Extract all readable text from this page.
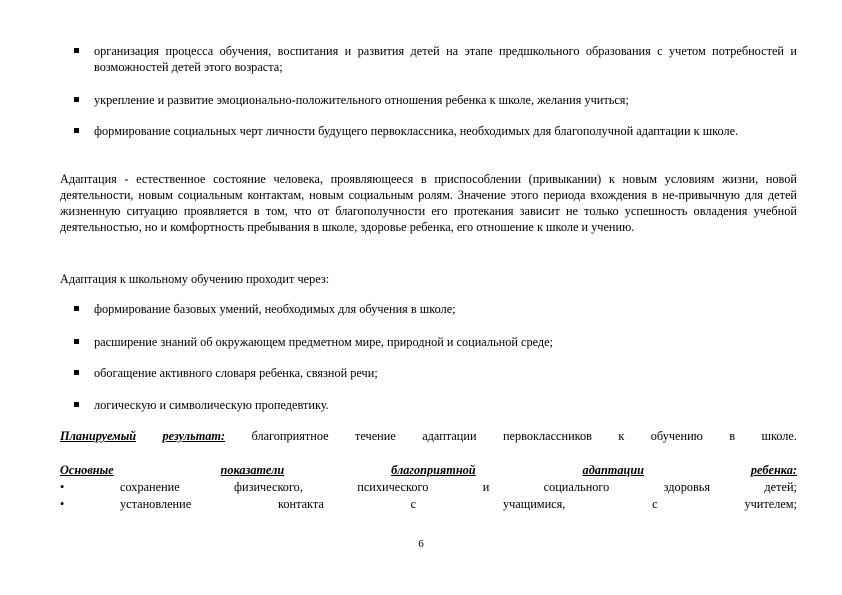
организация процесса обучения, воспитания и развития детей на этапе предшкольного образования с учетом потребностей и возможностей детей этого возраста;
укрепление и развитие эмоционально-положительного отношения ребенка к школе, желания учиться;
формирование социальных черт личности будущего первоклассника, необходимых для благополучной адаптации к школе.
Адаптация - естественное состояние человека, проявляющееся в приспособлении (привыкании) к новым условиям жизни, новой деятельности, новым социальным контактам, новым социальным ролям. Значение этого периода вхождения в не-привычную для детей жизненную ситуацию проявляется в том, что от благополучности его протекания зависит не только успешность овладения учебной деятельностью, но и комфортность пребывания в школе, здоровье ребенка, его отношение к школе и учению.
Адаптация к школьному обучению проходит через:
формирование базовых умений, необходимых для обучения в школе;
расширение знаний об окружающем предметном мире, природной и социальной среде;
обогащение активного словаря ребенка, связной речи;
логическую и символическую пропедевтику.
Планируемый результат: благоприятное течение адаптации первоклассников к обучению в школе.
Основные	показатели	благоприятной	адаптации	ребенка:
•	сохранение	физического,	психического	и	социального	здоровья	детей;
•	установление	контакта	с	учащимися,	с	учителем;
6
